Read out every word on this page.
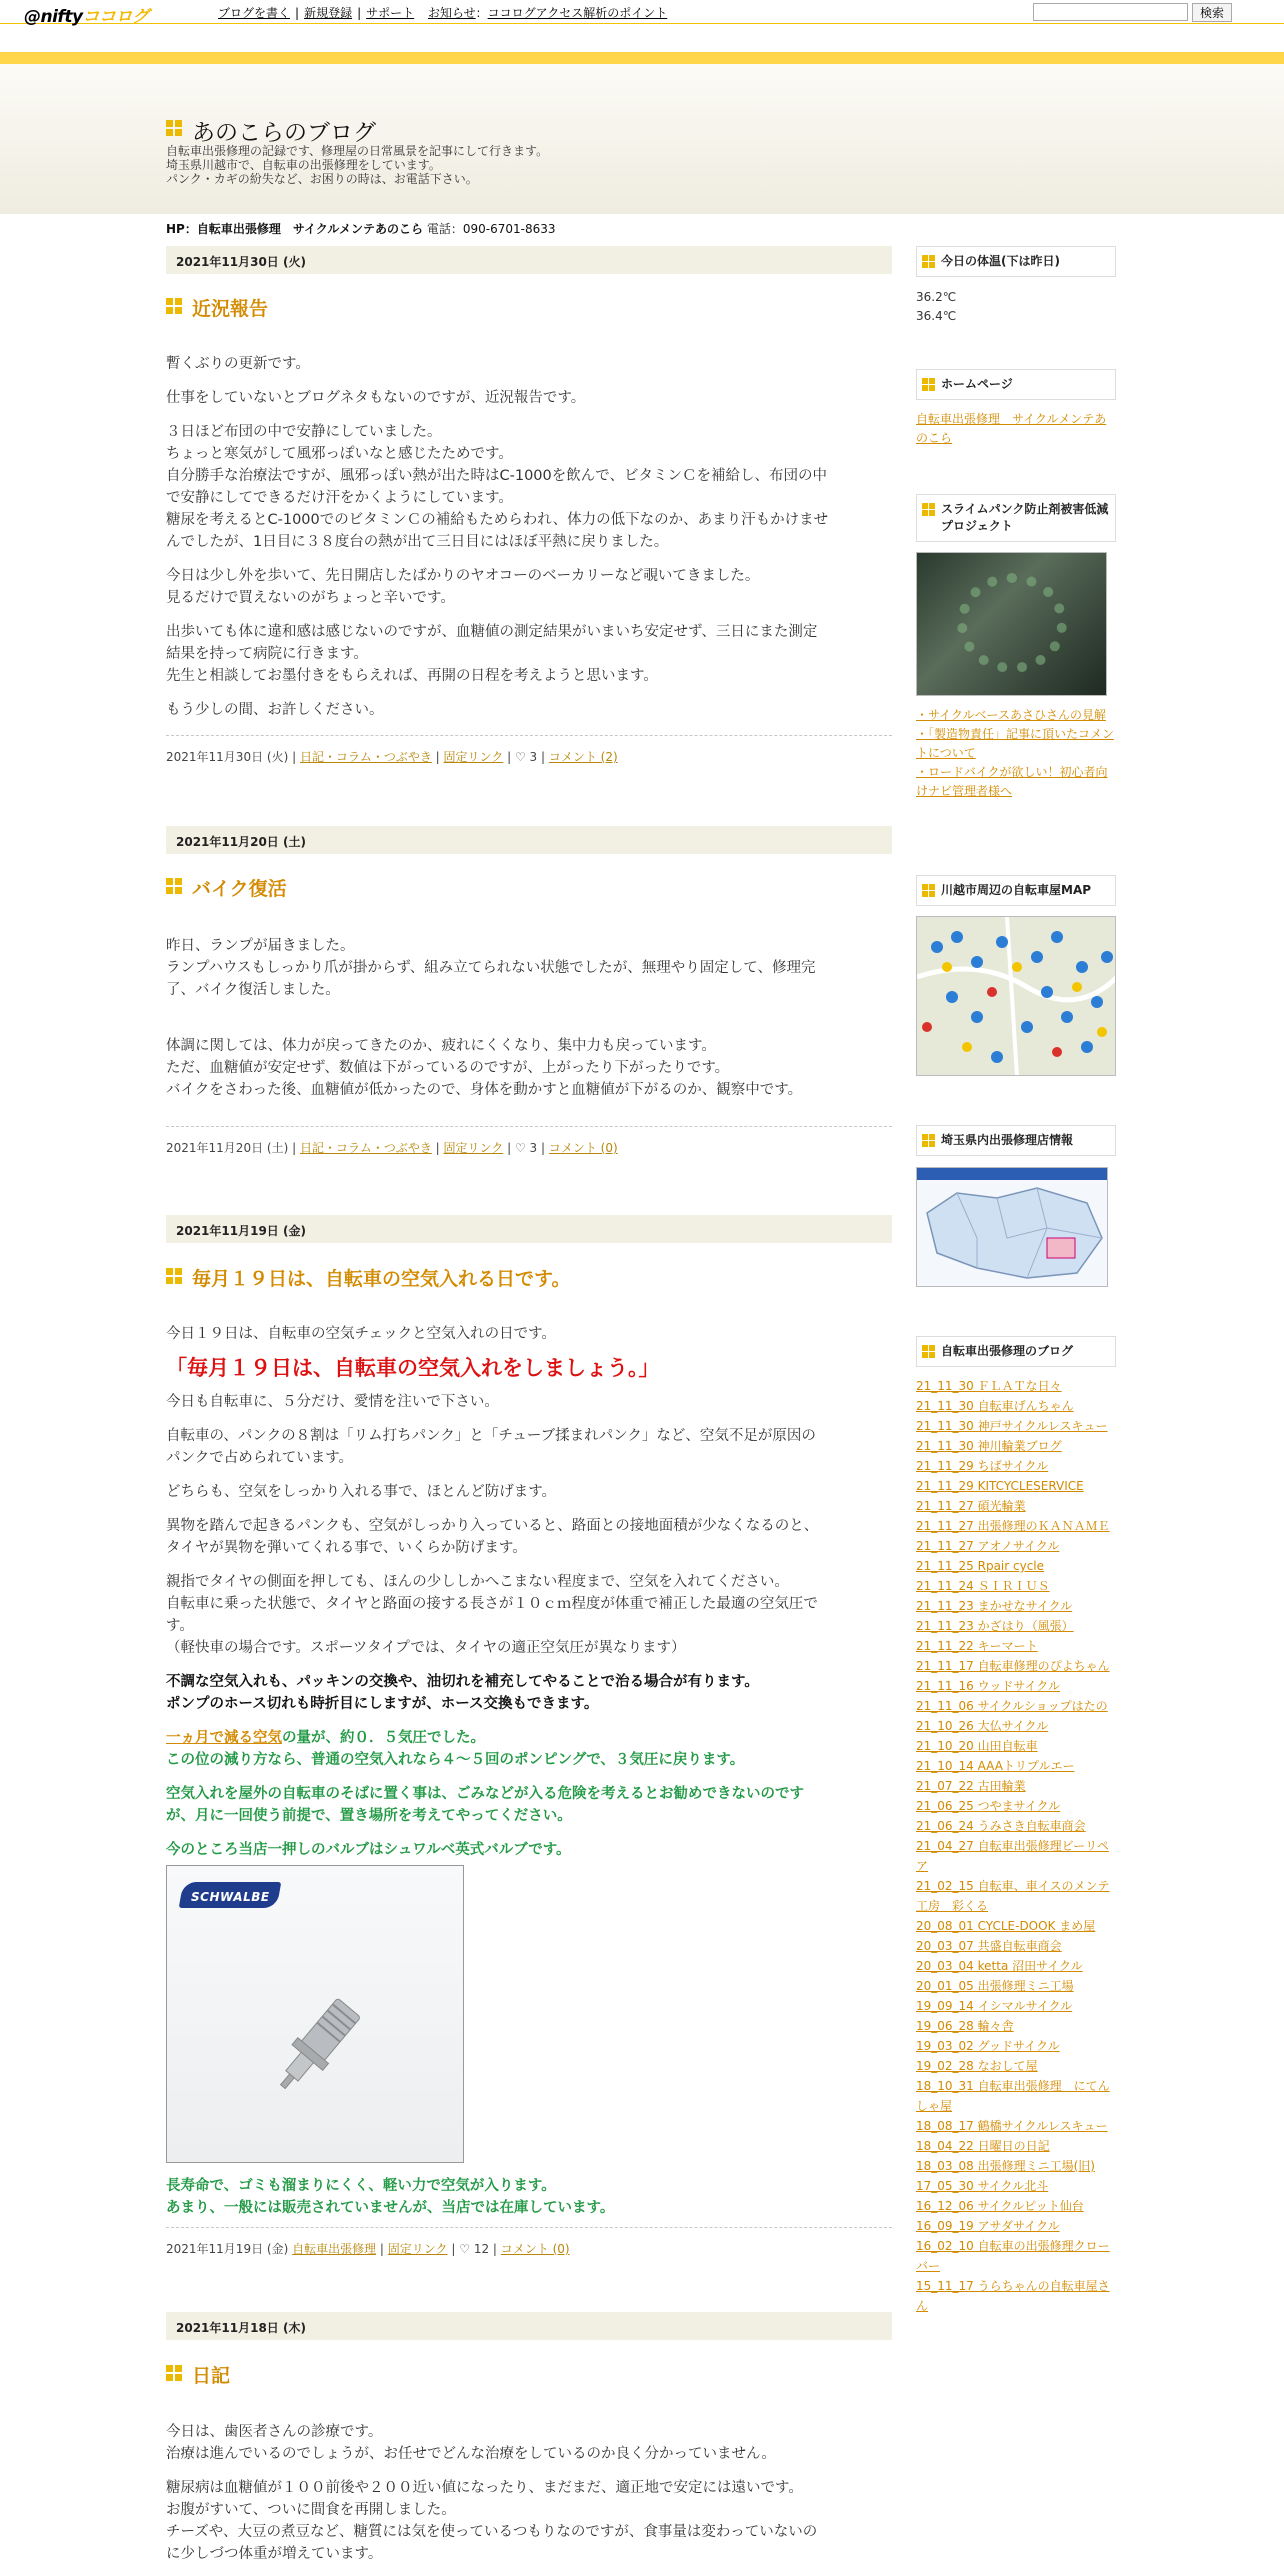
@niftyココログ	ブログを書く | 新規登録 | サポート お知らせ：ココログアクセス解析のポイント	検索
あのこらのブログ
自転車出張修理の記録です、修理屋の日常風景を記事にして行きます。
埼玉県川越市で、自転車の出張修理をしています。
パンク・カギの紛失など、お困りの時は、お電話下さい。
HP：自転車出張修理　サイクルメンテあのこら 電話：090-6701-8633
2021年11月30日 (火)
近況報告

暫くぶりの更新です。

仕事をしていないとブログネタもないのですが、近況報告です。

３日ほど布団の中で安静にしていました。
ちょっと寒気がして風邪っぽいなと感じたためです。
自分勝手な治療法ですが、風邪っぽい熱が出た時はC-1000を飲んで、ビタミンＣを補給し、布団の中
で安静にしてできるだけ汗をかくようにしています。
糖尿を考えるとC-1000でのビタミンＣの補給もためらわれ、体力の低下なのか、あまり汗もかけませ
んでしたが、1日目に３８度台の熱が出て三日目にはほぼ平熱に戻りました。

今日は少し外を歩いて、先日開店したばかりのヤオコーのベーカリーなど覗いてきました。
見るだけで買えないのがちょっと辛いです。

出歩いても体に違和感は感じないのですが、血糖値の測定結果がいまいち安定せず、三日にまた測定
結果を持って病院に行きます。
先生と相談してお墨付きをもらえれば、再開の日程を考えようと思います。

もう少しの間、お許しください。

2021年11月30日 (火) | 日記・コラム・つぶやき | 固定リンク | ♡ 3 | コメント (2)
2021年11月20日 (土)
バイク復活

昨日、ランプが届きました。
ランプハウスもしっかり爪が掛からず、組み立てられない状態でしたが、無理やり固定して、修理完
了、バイク復活しました。

体調に関しては、体力が戻ってきたのか、疲れにくくなり、集中力も戻っています。
ただ、血糖値が安定せず、数値は下がっているのですが、上がったり下がったりです。
バイクをさわった後、血糖値が低かったので、身体を動かすと血糖値が下がるのか、観察中です。

2021年11月20日 (土) | 日記・コラム・つぶやき | 固定リンク | ♡ 3 | コメント (0)
2021年11月19日 (金)
毎月１９日は、自転車の空気入れる日です。

今日１９日は、自転車の空気チェックと空気入れの日です。

「毎月１９日は、自転車の空気入れをしましょう。」

今日も自転車に、５分だけ、愛情を注いで下さい。

自転車の、パンクの８割は「リム打ちパンク」と「チューブ揉まれパンク」など、空気不足が原因の
パンクで占められています。

どちらも、空気をしっかり入れる事で、ほとんど防げます。

異物を踏んで起きるパンクも、空気がしっかり入っていると、路面との接地面積が少なくなるのと、
タイヤが異物を弾いてくれる事で、いくらか防げます。

親指でタイヤの側面を押しても、ほんの少ししかへこまない程度まで、空気を入れてください。
自転車に乗った状態で、タイヤと路面の接する長さが１０ｃｍ程度が体重で補正した最適の空気圧で
す。
（軽快車の場合です。スポーツタイプでは、タイヤの適正空気圧が異なります）

不調な空気入れも、パッキンの交換や、油切れを補充してやることで治る場合が有ります。
ポンプのホース切れも時折目にしますが、ホース交換もできます。

一ヵ月で減る空気の量が、約０．５気圧でした。
この位の減り方なら、普通の空気入れなら４～５回のポンピングで、３気圧に戻ります。

空気入れを屋外の自転車のそばに置く事は、ごみなどが入る危険を考えるとお勧めできないのです
が、月に一回使う前提で、置き場所を考えてやってください。

今のところ当店一押しのバルブはシュワルベ英式バルブです。

SCHWALBE

長寿命で、ゴミも溜まりにくく、軽い力で空気が入ります。
あまり、一般には販売されていませんが、当店では在庫しています。

2021年11月19日 (金) 自転車出張修理 | 固定リンク | ♡ 12 | コメント (0)
2021年11月18日 (木)
日記

今日は、歯医者さんの診療です。
治療は進んでいるのでしょうが、お任せでどんな治療をしているのか良く分かっていません。

糖尿病は血糖値が１００前後や２００近い値になったり、まだまだ、適正地で安定には遠いです。
お腹がすいて、ついに間食を再開しました。
チーズや、大豆の煮豆など、糖質には気を使っているつもりなのですが、食事量は変わっていないの
に少しづつ体重が増えています。

今日の体温(下は昨日)
36.2℃
36.4℃
ホームページ
自転車出張修理　サイクルメンテあのこら
スライムパンク防止剤被害低減プロジェクト
・サイクルベースあさひさんの見解
・「製造物責任」記事に頂いたコメントについて
・ロードバイクが欲しい！初心者向けナビ管理者様へ
川越市周辺の自転車屋MAP
埼玉県内出張修理店情報
自転車出張修理のブログ
21_11_30 ＦＬＡＴな日々
21_11_30 自転車げんちゃん
21_11_30 神戸サイクルレスキュー
21_11_30 神川輪業ブログ
21_11_29 ちばサイクル
21_11_29 KITCYCLESERVICE
21_11_27 碩光輪業
21_11_27 出張修理のＫＡＮＡＭＥ
21_11_27 アオノサイクル
21_11_25 Rpair cycle
21_11_24 ＳＩＲＩＵＳ
21_11_23 まかせなサイクル
21_11_23 かざはり（風張）
21_11_22 キーマート
21_11_17 自転車修理のぴよちゃん
21_11_16 ウッドサイクル
21_11_06 サイクルショップはたの
21_10_26 大仏サイクル
21_10_20 山田自転車
21_10_14 AAAトリプルエー
21_07_22 古田輪業
21_06_25 つやまサイクル
21_06_24 うみさき自転車商会
21_04_27 自転車出張修理ビーリペア
21_02_15 自転車、車イスのメンテ工房　彩くる
20_08_01 CYCLE-DOOK まめ屋
20_03_07 共盛自転車商会
20_03_04 ketta 沼田サイクル
20_01_05 出張修理ミニ工場
19_09_14 イシマルサイクル
19_06_28 輪々舎
19_03_02 グッドサイクル
19_02_28 なおして屋
18_10_31 自転車出張修理　にてんしゃ屋
18_08_17 鶴橋サイクルレスキュー
18_04_22 日曜日の日記
18_03_08 出張修理ミニ工場(旧)
17_05_30 サイクル北斗
16_12_06 サイクルピット仙台
16_09_19 アサダサイクル
16_02_10 自転車の出張修理クローバー
15_11_17 うらちゃんの自転車屋さん
